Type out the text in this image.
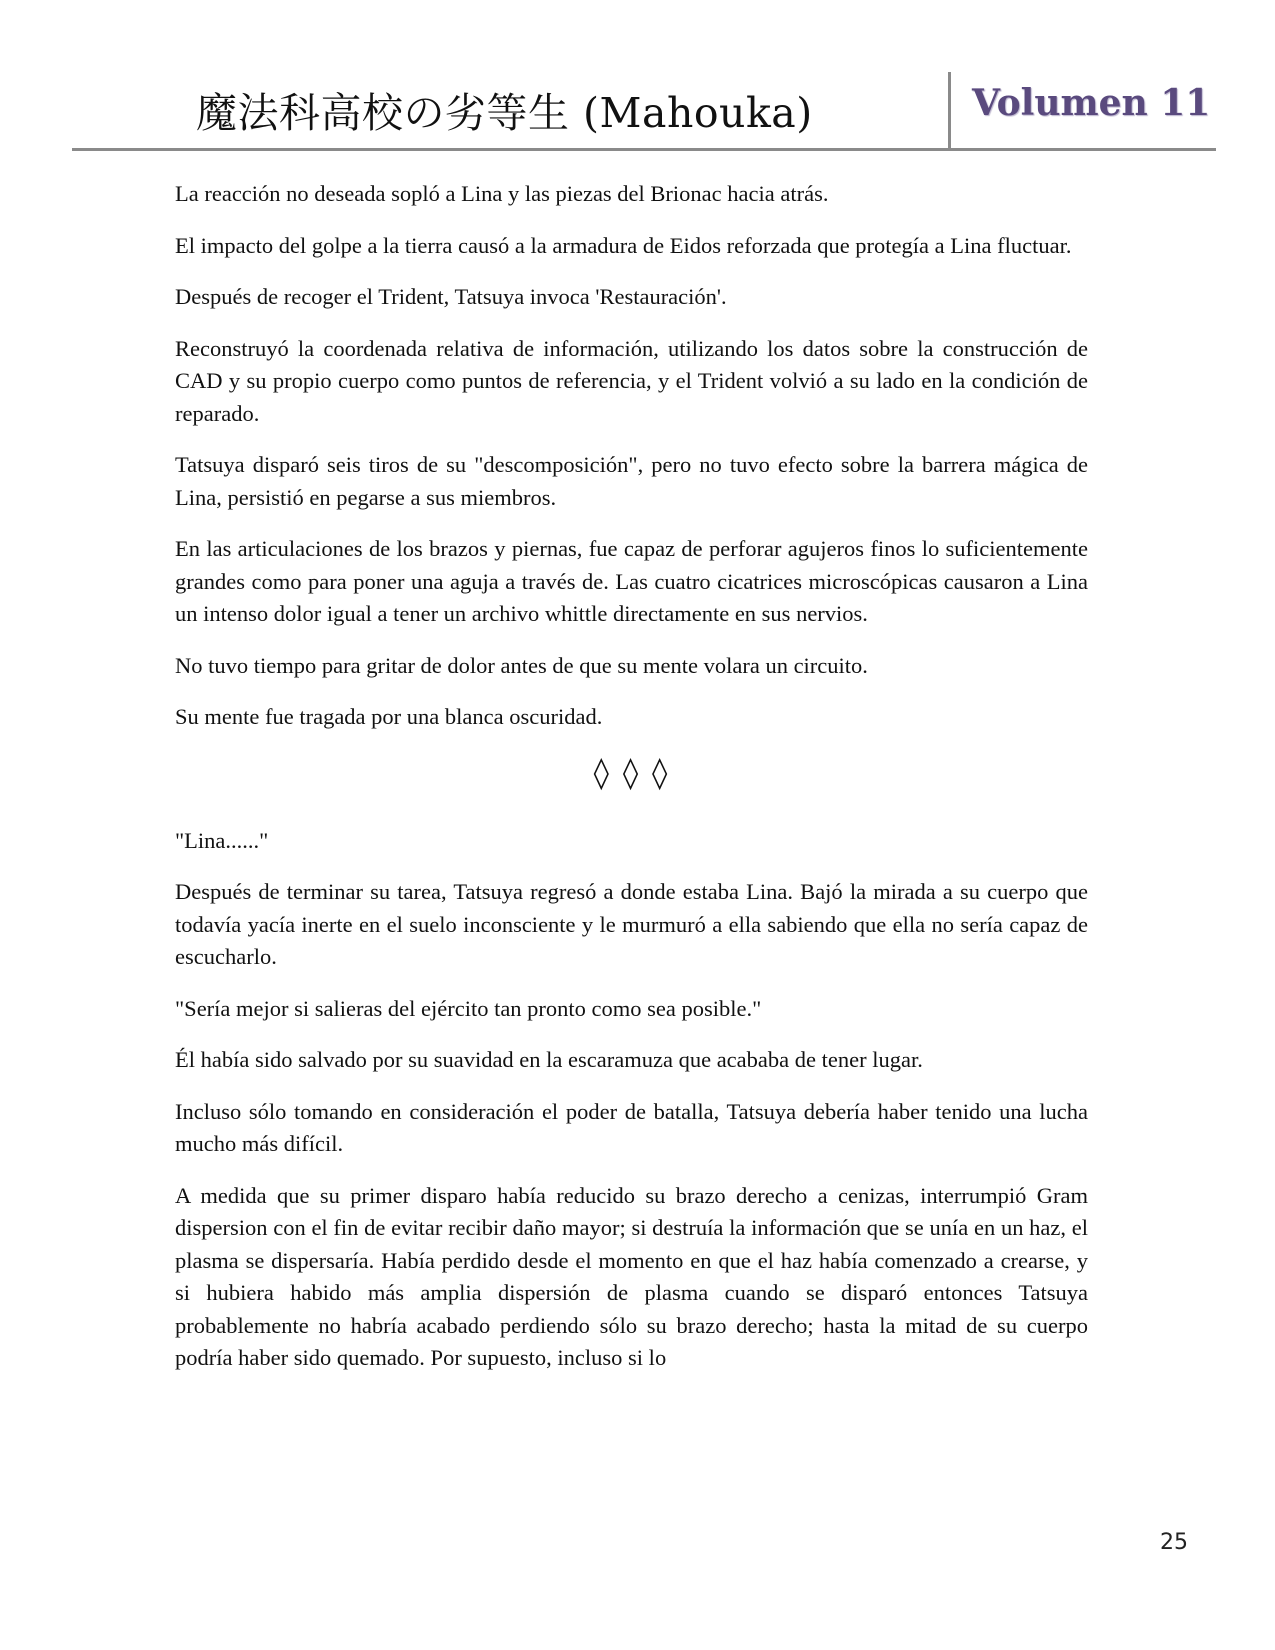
魔法科高校の劣等生 (Mahouka)	Volumen 11

La reacción no deseada sopló a Lina y las piezas del Brionac hacia atrás.

El impacto del golpe a la tierra causó a la armadura de Eidos reforzada que protegía a Lina fluctuar.

Después de recoger el Trident, Tatsuya invoca 'Restauración'.

Reconstruyó la coordenada relativa de información, utilizando los datos sobre la construcción de CAD y su propio cuerpo como puntos de referencia, y el Trident volvió a su lado en la condición de reparado.

Tatsuya disparó seis tiros de su "descomposición", pero no tuvo efecto sobre la barrera mágica de Lina, persistió en pegarse a sus miembros.

En las articulaciones de los brazos y piernas, fue capaz de perforar agujeros finos lo suficientemente grandes como para poner una aguja a través de. Las cuatro cicatrices microscópicas causaron a Lina un intenso dolor igual a tener un archivo whittle directamente en sus nervios.

No tuvo tiempo para gritar de dolor antes de que su mente volara un circuito.

Su mente fue tragada por una blanca oscuridad.

◊ ◊ ◊

"Lina......"

Después de terminar su tarea, Tatsuya regresó a donde estaba Lina. Bajó la mirada a su cuerpo que todavía yacía inerte en el suelo inconsciente y le murmuró a ella sabiendo que ella no sería capaz de escucharlo.

"Sería mejor si salieras del ejército tan pronto como sea posible."

Él había sido salvado por su suavidad en la escaramuza que acababa de tener lugar.

Incluso sólo tomando en consideración el poder de batalla, Tatsuya debería haber tenido una lucha mucho más difícil.

A medida que su primer disparo había reducido su brazo derecho a cenizas, interrumpió Gram dispersion con el fin de evitar recibir daño mayor; si destruía la información que se unía en un haz, el plasma se dispersaría. Había perdido desde el momento en que el haz había comenzado a crearse, y si hubiera habido más amplia dispersión de plasma cuando se disparó entonces Tatsuya probablemente no habría acabado perdiendo sólo su brazo derecho; hasta la mitad de su cuerpo podría haber sido quemado. Por supuesto, incluso si lo

25
